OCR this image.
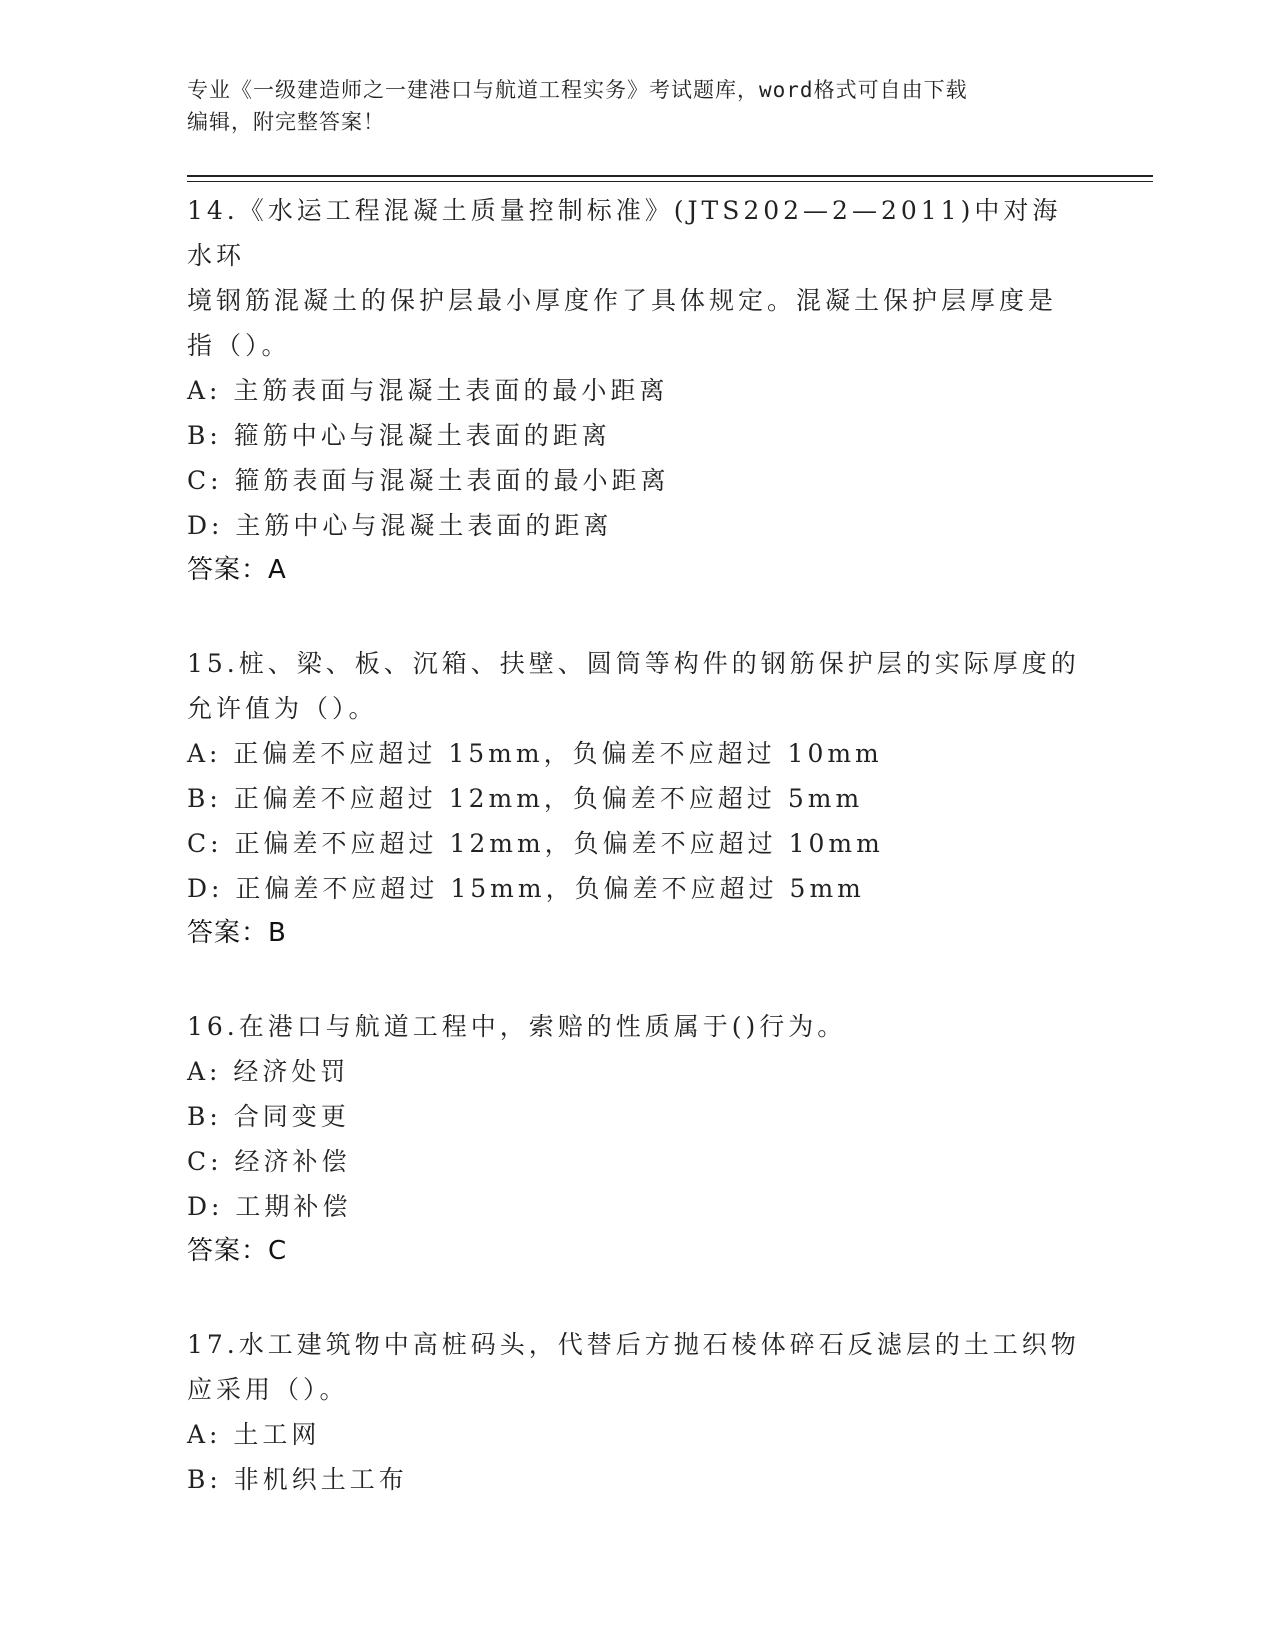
专业《一级建造师之一建港口与航道工程实务》考试题库，word格式可自由下载
编辑，附完整答案！
14.《水运工程混凝土质量控制标准》(JTS202—2—2011)中对海水环
境钢筋混凝土的保护层最小厚度作了具体规定。混凝土保护层厚度是
指（）。
A: 主筋表面与混凝土表面的最小距离
B: 箍筋中心与混凝土表面的距离
C: 箍筋表面与混凝土表面的最小距离
D: 主筋中心与混凝土表面的距离
答案：A
15.桩、梁、板、沉箱、扶壁、圆筒等构件的钢筋保护层的实际厚度的
允许值为（）。
A: 正偏差不应超过 15mm，负偏差不应超过 10mm
B: 正偏差不应超过 12mm，负偏差不应超过 5mm
C: 正偏差不应超过 12mm，负偏差不应超过 10mm
D: 正偏差不应超过 15mm，负偏差不应超过 5mm
答案：B
16.在港口与航道工程中，索赔的性质属于()行为。
A: 经济处罚
B: 合同变更
C: 经济补偿
D: 工期补偿
答案：C
17.水工建筑物中高桩码头，代替后方抛石棱体碎石反滤层的土工织物
应采用（）。
A: 土工网
B: 非机织土工布
